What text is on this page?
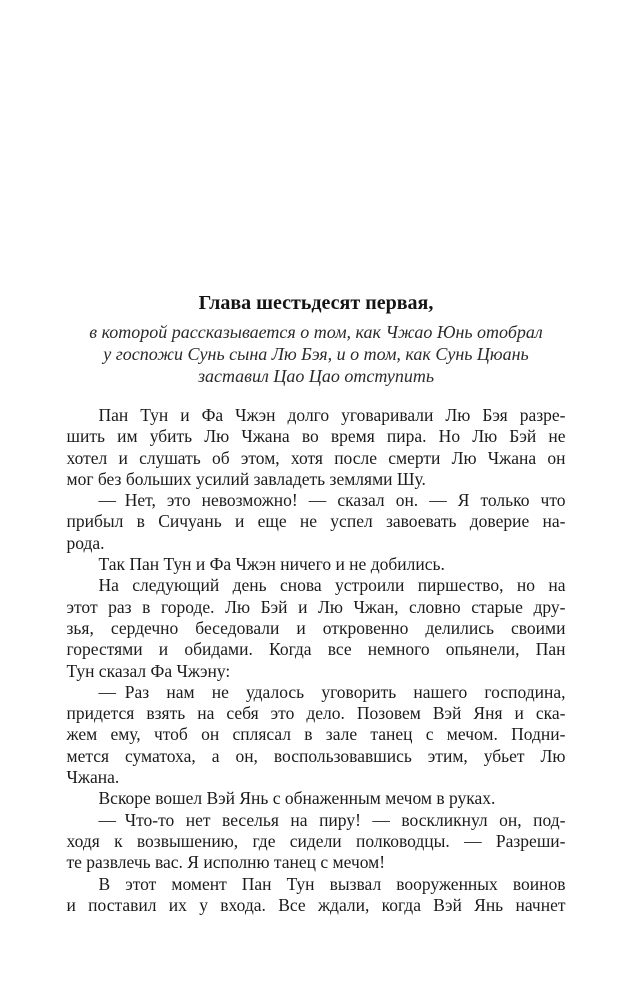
Глава шестьдесят первая,
в которой рассказывается о том, как Чжао Юнь отобрал
у госпожи Сунь сына Лю Бэя, и о том, как Сунь Цюань
заставил Цао Цао отступить
Пан Тун и Фа Чжэн долго уговаривали Лю Бэя разре-
шить им убить Лю Чжана во время пира. Но Лю Бэй не
хотел и слушать об этом, хотя после смерти Лю Чжана он
мог без больших усилий завладеть землями Шу.
— Нет, это невозможно! — сказал он. — Я только что
прибыл в Сичуань и еще не успел завоевать доверие на-
рода.
Так Пан Тун и Фа Чжэн ничего и не добились.
На следующий день снова устроили пиршество, но на
этот раз в городе. Лю Бэй и Лю Чжан, словно старые дру-
зья, сердечно беседовали и откровенно делились своими
горестями и обидами. Когда все немного опьянели, Пан
Тун сказал Фа Чжэну:
— Раз нам не удалось уговорить нашего господина,
придется взять на себя это дело. Позовем Вэй Яня и ска-
жем ему, чтоб он сплясал в зале танец с мечом. Подни-
мется суматоха, а он, воспользовавшись этим, убьет Лю
Чжана.
Вскоре вошел Вэй Янь с обнаженным мечом в руках.
— Что-то нет веселья на пиру! — воскликнул он, под-
ходя к возвышению, где сидели полководцы. — Разреши-
те развлечь вас. Я исполню танец с мечом!
В этот момент Пан Тун вызвал вооруженных воинов
и поставил их у входа. Все ждали, когда Вэй Янь начнет
